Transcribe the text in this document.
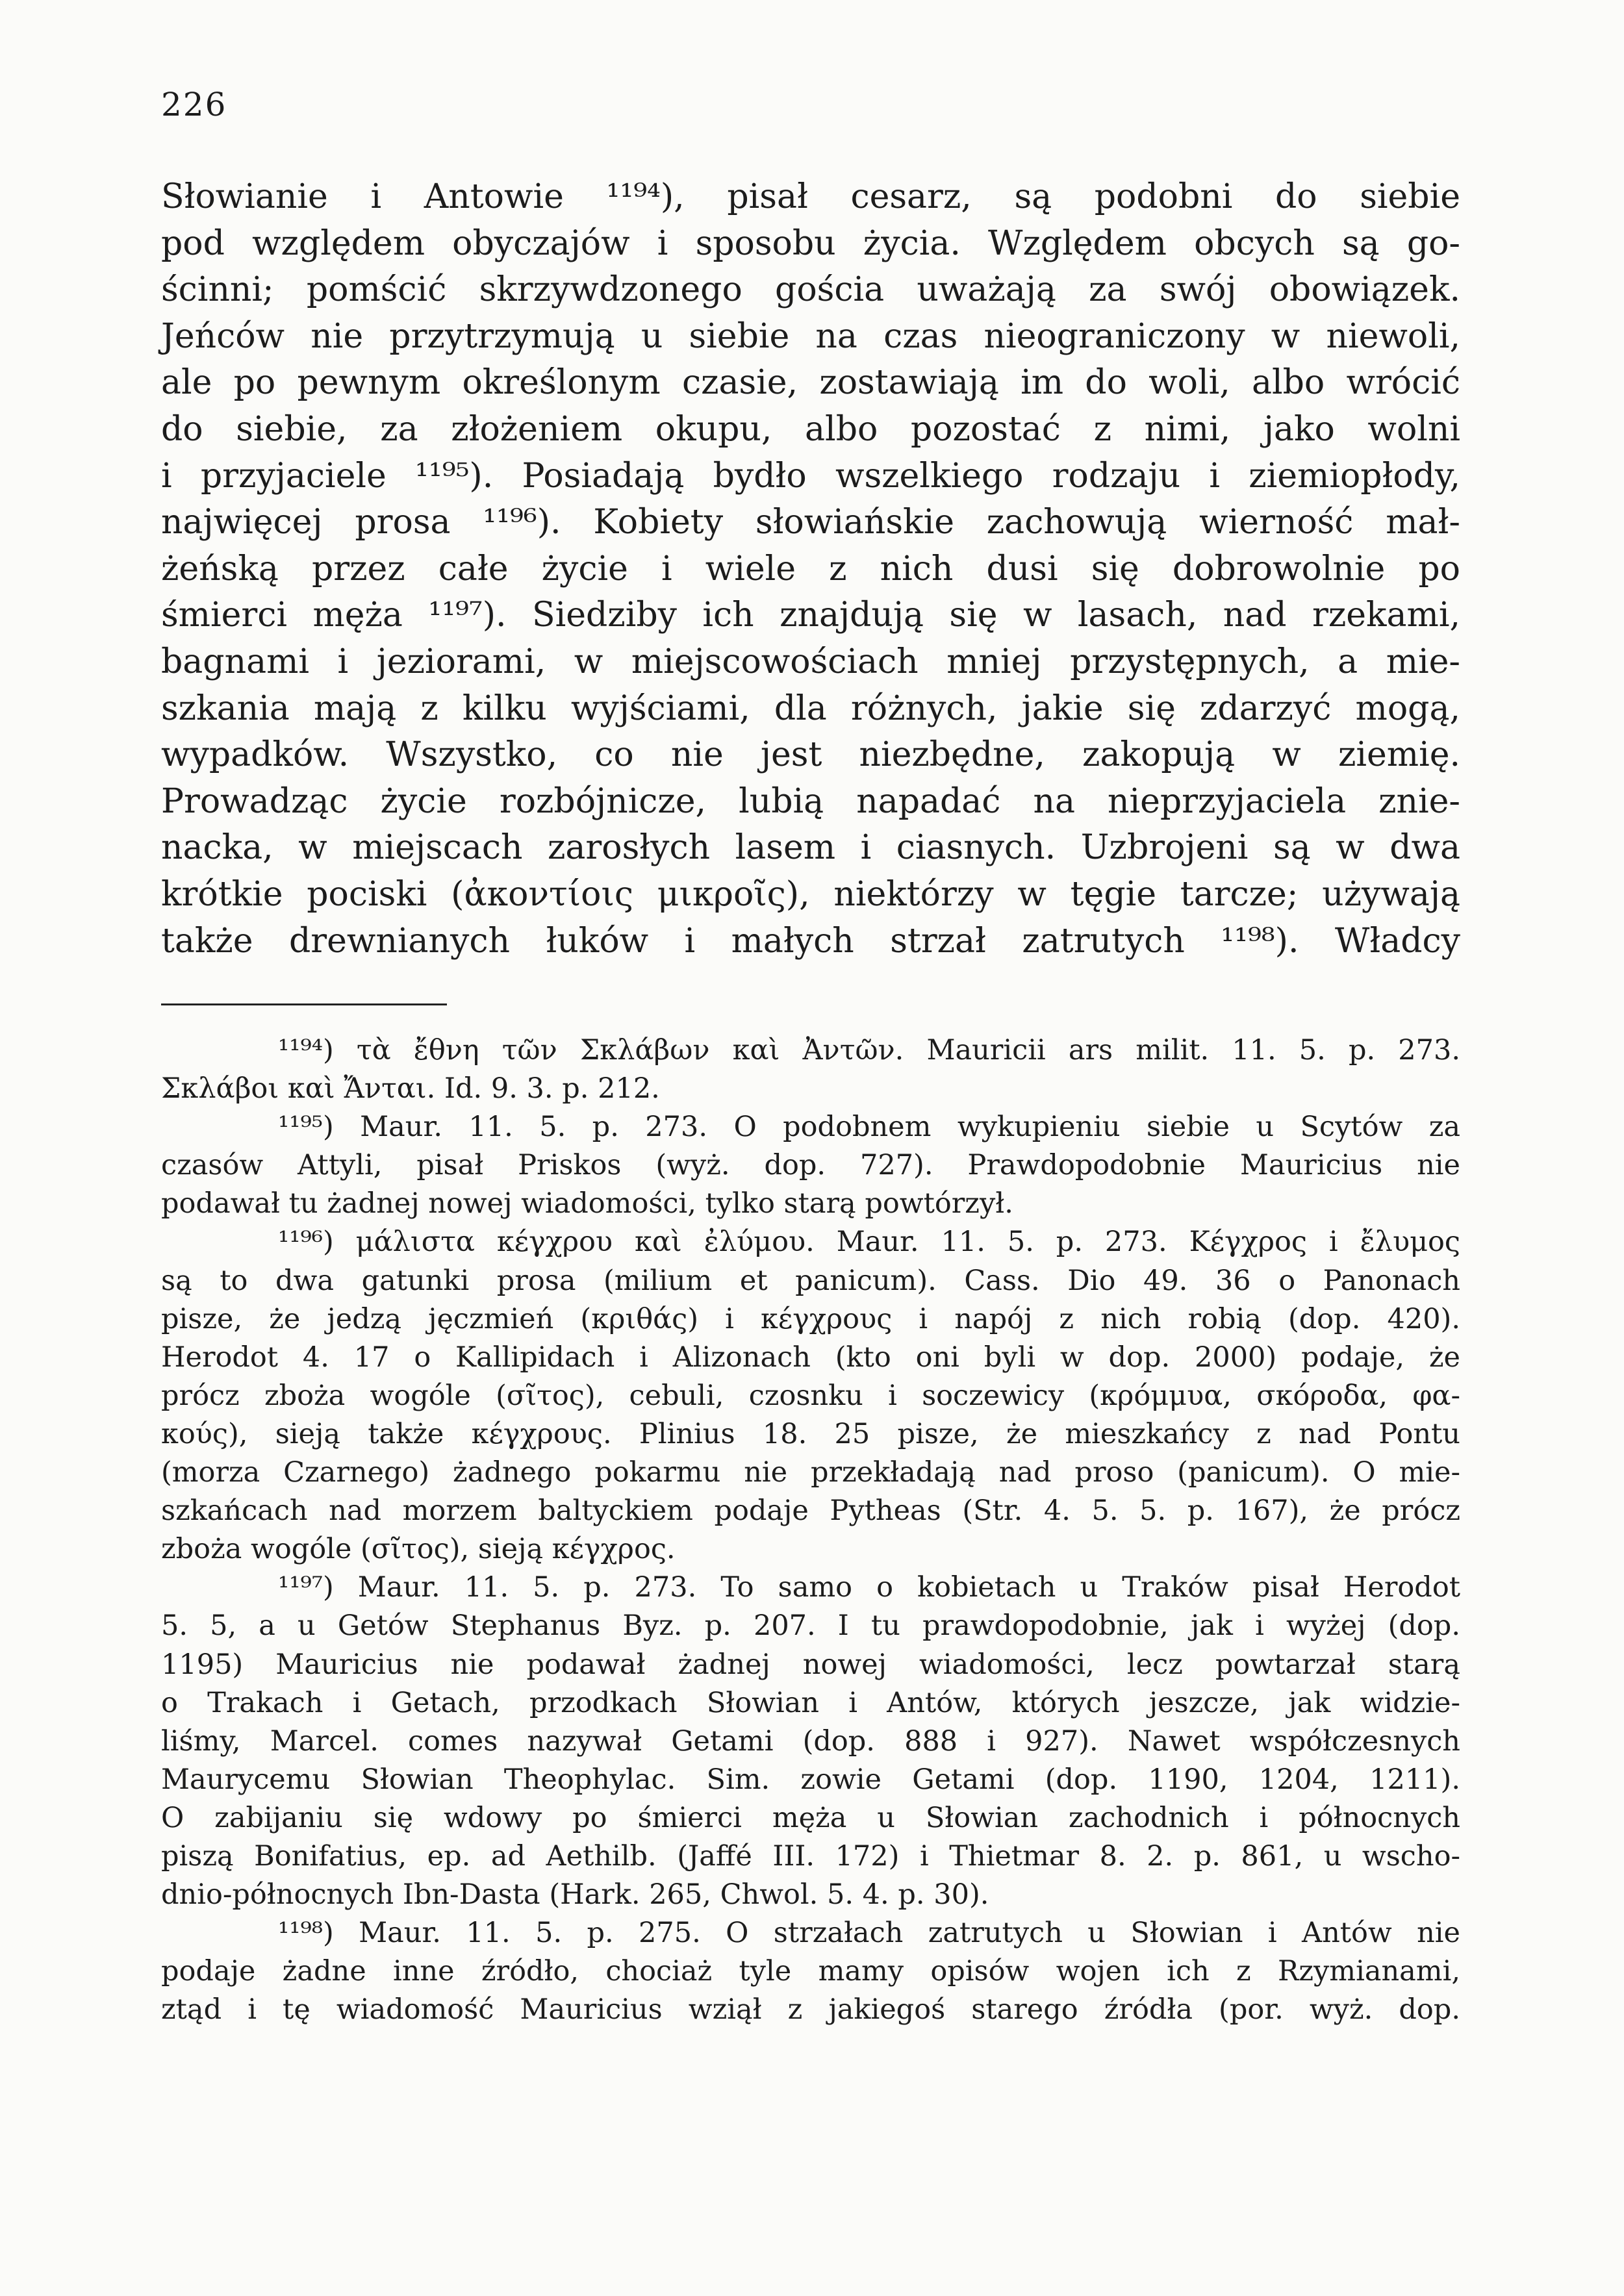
226
Słowianie i Antowie ¹¹⁹⁴), pisał cesarz, są podobni do siebie
pod względem obyczajów i sposobu życia. Względem obcych są go-
ścinni; pomścić skrzywdzonego gościa uważają za swój obowiązek.
Jeńców nie przytrzymują u siebie na czas nieograniczony w niewoli,
ale po pewnym określonym czasie, zostawiają im do woli, albo wrócić
do siebie, za złożeniem okupu, albo pozostać z nimi, jako wolni
i przyjaciele ¹¹⁹⁵). Posiadają bydło wszelkiego rodzaju i ziemiopłody,
najwięcej prosa ¹¹⁹⁶). Kobiety słowiańskie zachowują wierność mał-
żeńską przez całe życie i wiele z nich dusi się dobrowolnie po
śmierci męża ¹¹⁹⁷). Siedziby ich znajdują się w lasach, nad rzekami,
bagnami i jeziorami, w miejscowościach mniej przystępnych, a mie-
szkania mają z kilku wyjściami, dla różnych, jakie się zdarzyć mogą,
wypadków. Wszystko, co nie jest niezbędne, zakopują w ziemię.
Prowadząc życie rozbójnicze, lubią napadać na nieprzyjaciela znie-
nacka, w miejscach zarosłych lasem i ciasnych. Uzbrojeni są w dwa
krótkie pociski (ἀκοντίοις μικροῖς), niektórzy w tęgie tarcze; używają
także drewnianych łuków i małych strzał zatrutych ¹¹⁹⁸). Władcy
¹¹⁹⁴) τὰ ἔθνη τῶν Σκλάβων καὶ Ἀντῶν. Mauricii ars milit. 11. 5. p. 273.
Σκλάβοι καὶ Ἄνται. Id. 9. 3. p. 212.
¹¹⁹⁵) Maur. 11. 5. p. 273. O podobnem wykupieniu siebie u Scytów za
czasów Attyli, pisał Priskos (wyż. dop. 727). Prawdopodobnie Mauricius nie
podawał tu żadnej nowej wiadomości, tylko starą powtórzył.
¹¹⁹⁶) μάλιστα κέγχρου καὶ ἐλύμου. Maur. 11. 5. p. 273. Κέγχρος i ἔλυμος
są to dwa gatunki prosa (milium et panicum). Cass. Dio 49. 36 o Panonach
pisze, że jedzą jęczmień (κριθάς) i κέγχρους i napój z nich robią (dop. 420).
Herodot 4. 17 o Kallipidach i Alizonach (kto oni byli w dop. 2000) podaje, że
prócz zboża wogóle (σῖτος), cebuli, czosnku i soczewicy (κρόμμυα, σκόροδα, φα-
κούς), sieją także κέγχρους. Plinius 18. 25 pisze, że mieszkańcy z nad Pontu
(morza Czarnego) żadnego pokarmu nie przekładają nad proso (panicum). O mie-
szkańcach nad morzem baltyckiem podaje Pytheas (Str. 4. 5. 5. p. 167), że prócz
zboża wogóle (σῖτος), sieją κέγχρος.
¹¹⁹⁷) Maur. 11. 5. p. 273. To samo o kobietach u Traków pisał Herodot
5. 5, a u Getów Stephanus Byz. p. 207. I tu prawdopodobnie, jak i wyżej (dop.
1195) Mauricius nie podawał żadnej nowej wiadomości, lecz powtarzał starą
o Trakach i Getach, przodkach Słowian i Antów, których jeszcze, jak widzie-
liśmy, Marcel. comes nazywał Getami (dop. 888 i 927). Nawet współczesnych
Maurycemu Słowian Theophylac. Sim. zowie Getami (dop. 1190, 1204, 1211).
O zabijaniu się wdowy po śmierci męża u Słowian zachodnich i północnych
piszą Bonifatius, ep. ad Aethilb. (Jaffé III. 172) i Thietmar 8. 2. p. 861, u wscho-
dnio-północnych Ibn-Dasta (Hark. 265, Chwol. 5. 4. p. 30).
¹¹⁹⁸) Maur. 11. 5. p. 275. O strzałach zatrutych u Słowian i Antów nie
podaje żadne inne źródło, chociaż tyle mamy opisów wojen ich z Rzymianami,
ztąd i tę wiadomość Mauricius wziął z jakiegoś starego źródła (por. wyż. dop.
